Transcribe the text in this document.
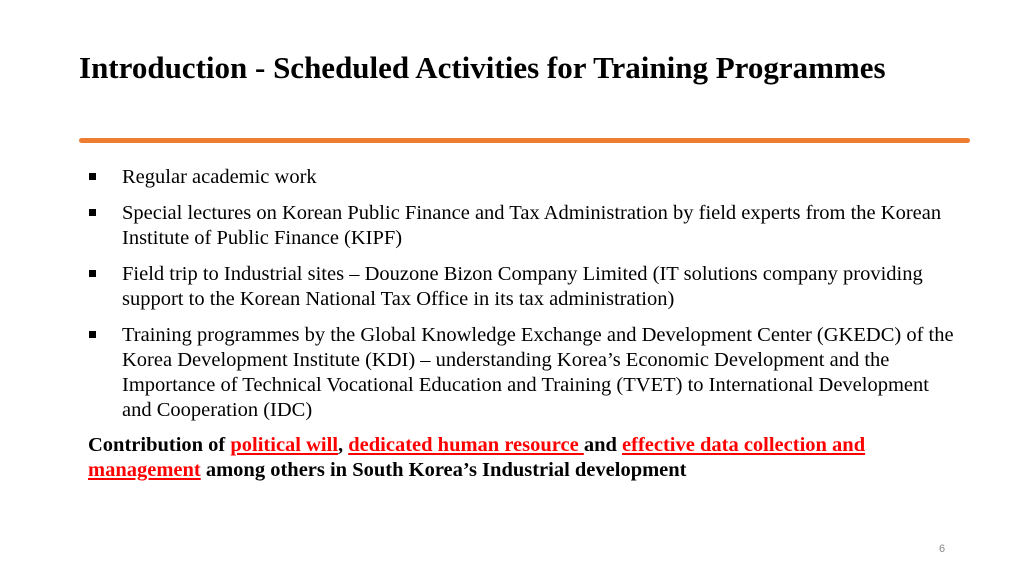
Introduction - Scheduled Activities for Training Programmes
Regular academic work
Special lectures on Korean Public Finance and Tax Administration by field experts from the Korean Institute of Public Finance (KIPF)
Field trip to Industrial sites – Douzone Bizon Company Limited (IT solutions company providing support to the Korean National Tax Office in its tax administration)
Training programmes by the Global Knowledge Exchange and Development Center (GKEDC) of the Korea Development Institute (KDI) – understanding Korea’s Economic Development and the Importance of Technical Vocational Education and Training (TVET) to International Development and Cooperation (IDC)

Contribution of political will, dedicated human resource and effective data collection and management among others in South Korea’s Industrial development

6
